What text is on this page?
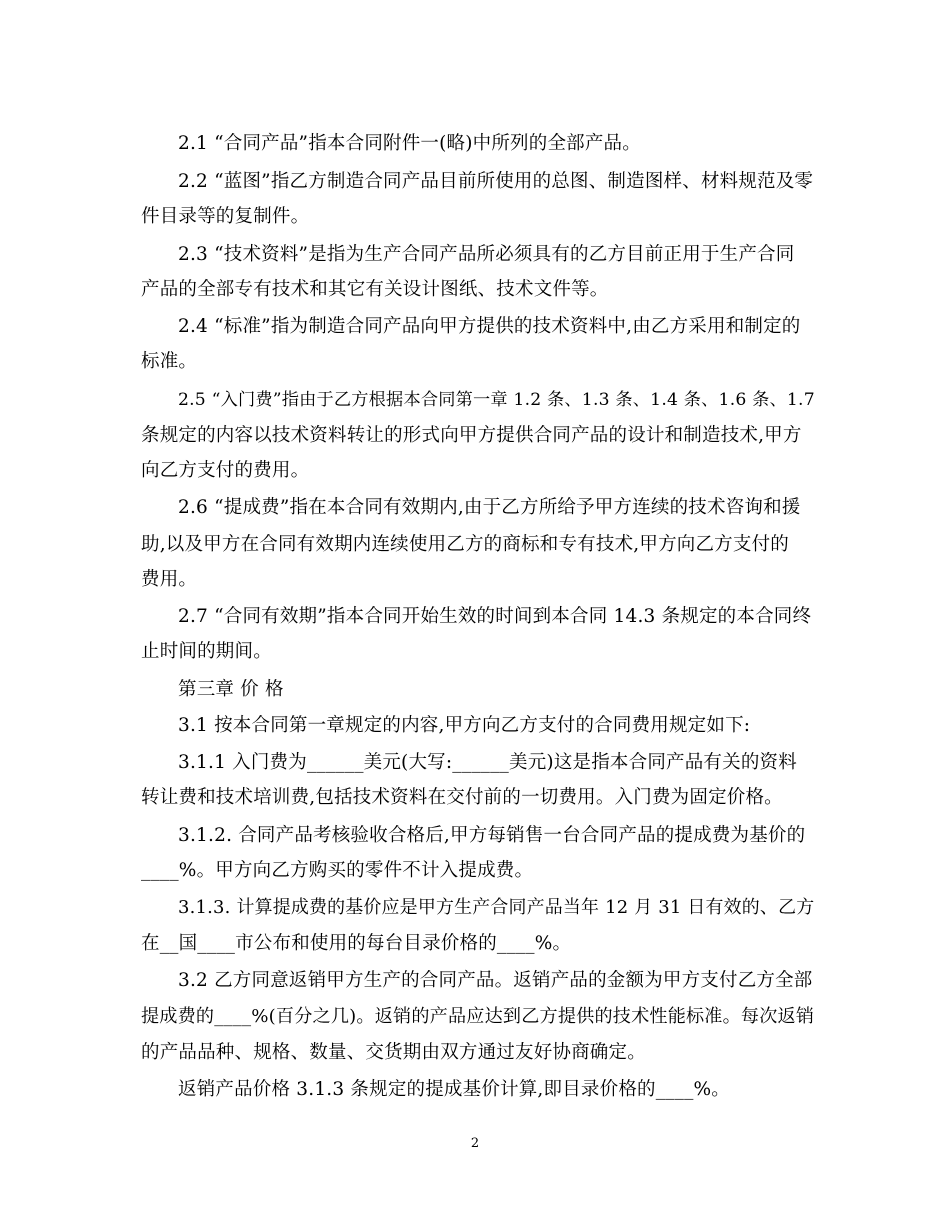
2.1 “合同产品”指本合同附件一(略)中所列的全部产品。
2.2 “蓝图”指乙方制造合同产品目前所使用的总图、制造图样、材料规范及零
件目录等的复制件。
2.3 “技术资料”是指为生产合同产品所必须具有的乙方目前正用于生产合同
产品的全部专有技术和其它有关设计图纸、技术文件等。
2.4 “标准”指为制造合同产品向甲方提供的技术资料中,由乙方采用和制定的
标准。
2.5 “入门费”指由于乙方根据本合同第一章 1.2 条、1.3 条、1.4 条、1.6 条、1.7
条规定的内容以技术资料转让的形式向甲方提供合同产品的设计和制造技术,甲方
向乙方支付的费用。
2.6 “提成费”指在本合同有效期内,由于乙方所给予甲方连续的技术咨询和援
助,以及甲方在合同有效期内连续使用乙方的商标和专有技术,甲方向乙方支付的
费用。
2.7 “合同有效期”指本合同开始生效的时间到本合同 14.3 条规定的本合同终
止时间的期间。
第三章 价 格
3.1 按本合同第一章规定的内容,甲方向乙方支付的合同费用规定如下:
3.1.1 入门费为______美元(大写:______美元)这是指本合同产品有关的资料
转让费和技术培训费,包括技术资料在交付前的一切费用。入门费为固定价格。
3.1.2. 合同产品考核验收合格后,甲方每销售一台合同产品的提成费为基价的
____%。甲方向乙方购买的零件不计入提成费。
3.1.3. 计算提成费的基价应是甲方生产合同产品当年 12 月 31 日有效的、乙方
在__国____市公布和使用的每台目录价格的____%。
3.2 乙方同意返销甲方生产的合同产品。返销产品的金额为甲方支付乙方全部
提成费的____%(百分之几)。返销的产品应达到乙方提供的技术性能标准。每次返销
的产品品种、规格、数量、交货期由双方通过友好协商确定。
返销产品价格 3.1.3 条规定的提成基价计算,即目录价格的____%。
2
